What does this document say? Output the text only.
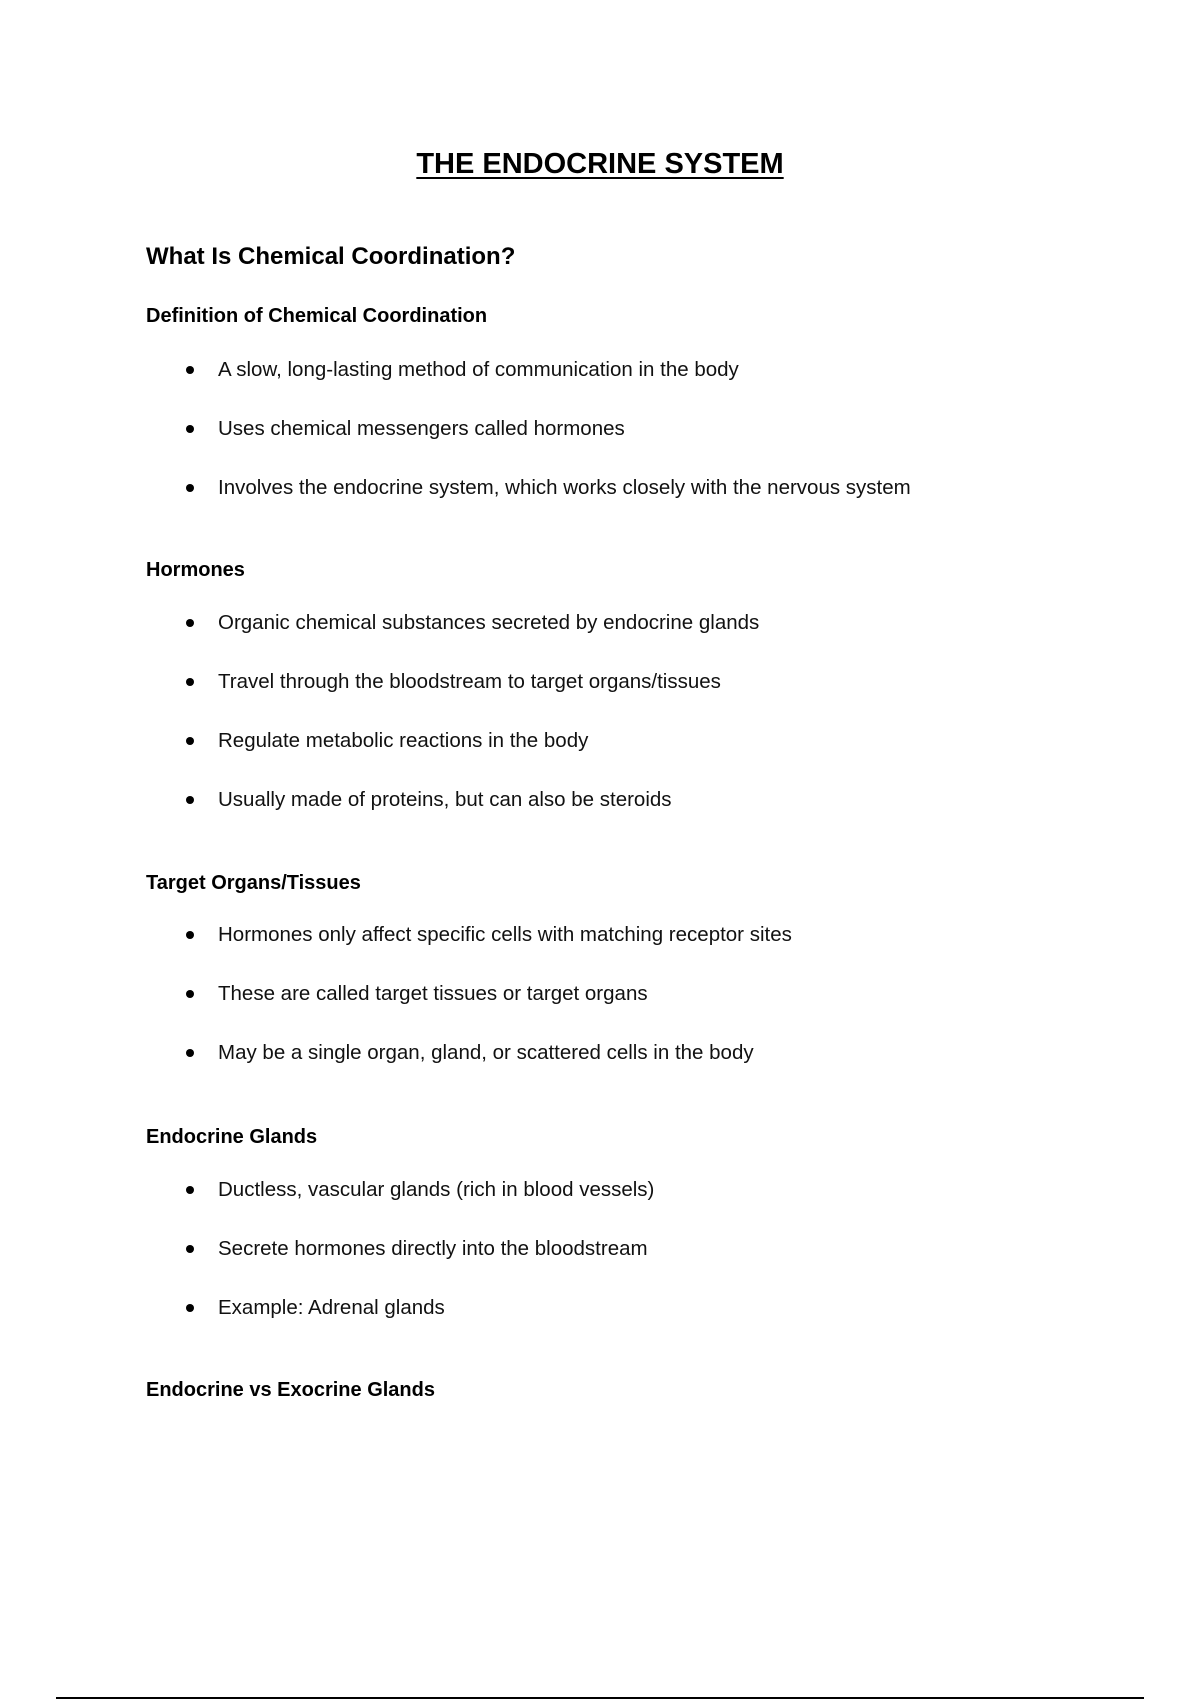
THE ENDOCRINE SYSTEM
What Is Chemical Coordination?
Definition of Chemical Coordination
A slow, long-lasting method of communication in the body
Uses chemical messengers called hormones
Involves the endocrine system, which works closely with the nervous system
Hormones
Organic chemical substances secreted by endocrine glands
Travel through the bloodstream to target organs/tissues
Regulate metabolic reactions in the body
Usually made of proteins, but can also be steroids
Target Organs/Tissues
Hormones only affect specific cells with matching receptor sites
These are called target tissues or target organs
May be a single organ, gland, or scattered cells in the body
Endocrine Glands
Ductless, vascular glands (rich in blood vessels)
Secrete hormones directly into the bloodstream
Example: Adrenal glands
Endocrine vs Exocrine Glands
